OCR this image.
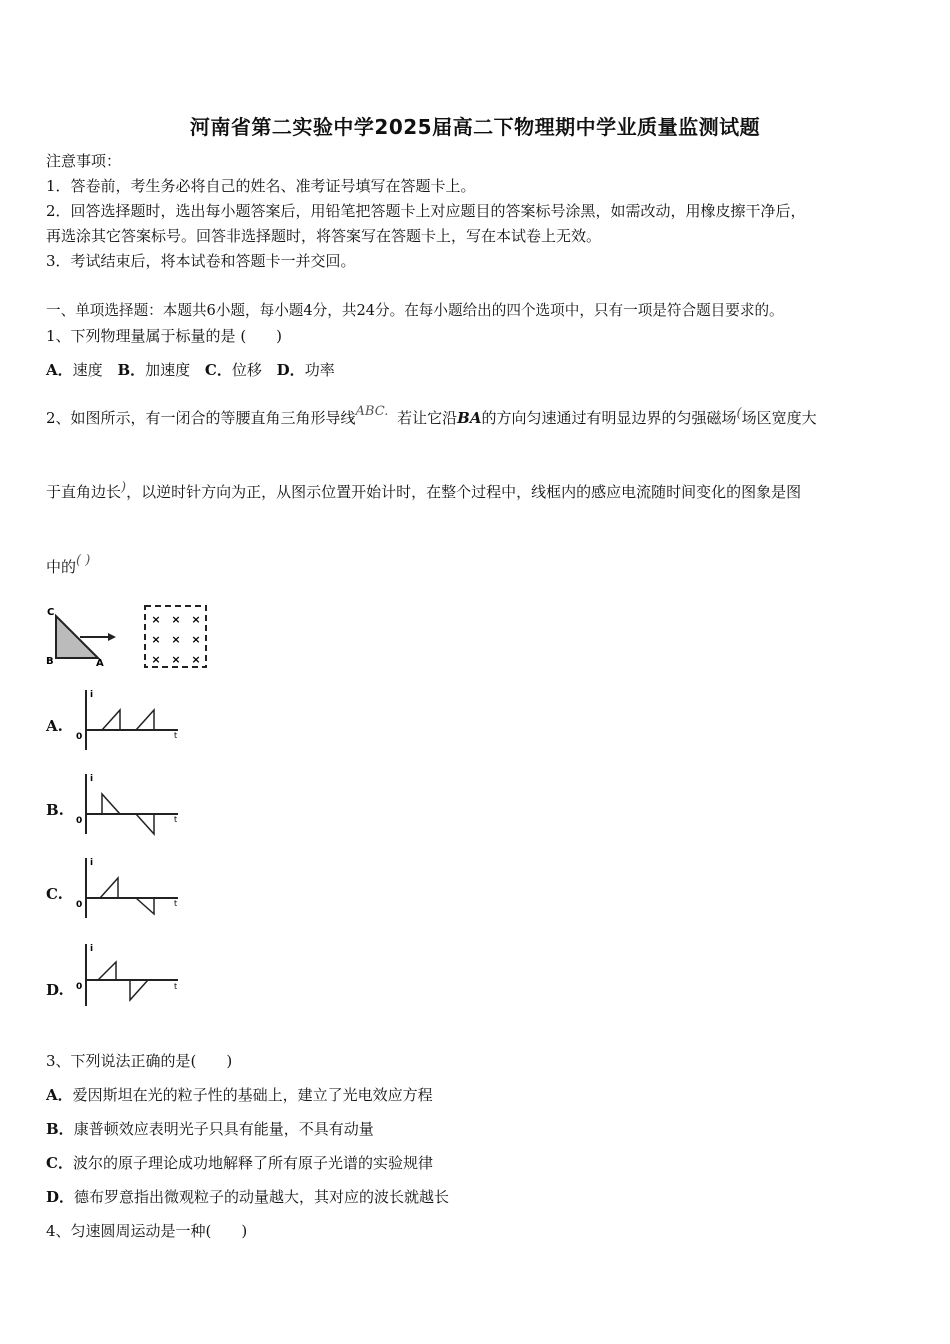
河南省第二实验中学2025届高二下物理期中学业质量监测试题
注意事项：
1．答卷前，考生务必将自己的姓名、准考证号填写在答题卡上。
2．回答选择题时，选出每小题答案后，用铅笔把答题卡上对应题目的答案标号涂黑，如需改动，用橡皮擦干净后，
再选涂其它答案标号。回答非选择题时，将答案写在答题卡上，写在本试卷上无效。
3．考试结束后，将本试卷和答题卡一并交回。
一、单项选择题：本题共6小题，每小题4分，共24分。在每小题给出的四个选项中，只有一项是符合题目要求的。
1、下列物理量属于标量的是 (　　)
A．速度 B．加速度 C．位移 D．功率
2、如图所示，有一闭合的等腰直角三角形导线ABC. 若让它沿BA的方向匀速通过有明显边界的匀强磁场(场区宽度大
于直角边长)，以逆时针方向为正，从图示位置开始计时，在整个过程中，线框内的感应电流随时间变化的图象是图
中的( )
C
B	A
× × ×
× × ×
× × ×
A.
i
t
0
B.
i
t
0
C.
i
t
0
D.
i
t
0
3、下列说法正确的是(　　)
A．爱因斯坦在光的粒子性的基础上，建立了光电效应方程
B．康普顿效应表明光子只具有能量，不具有动量
C．波尔的原子理论成功地解释了所有原子光谱的实验规律
D．德布罗意指出微观粒子的动量越大，其对应的波长就越长
4、匀速圆周运动是一种(　　)
